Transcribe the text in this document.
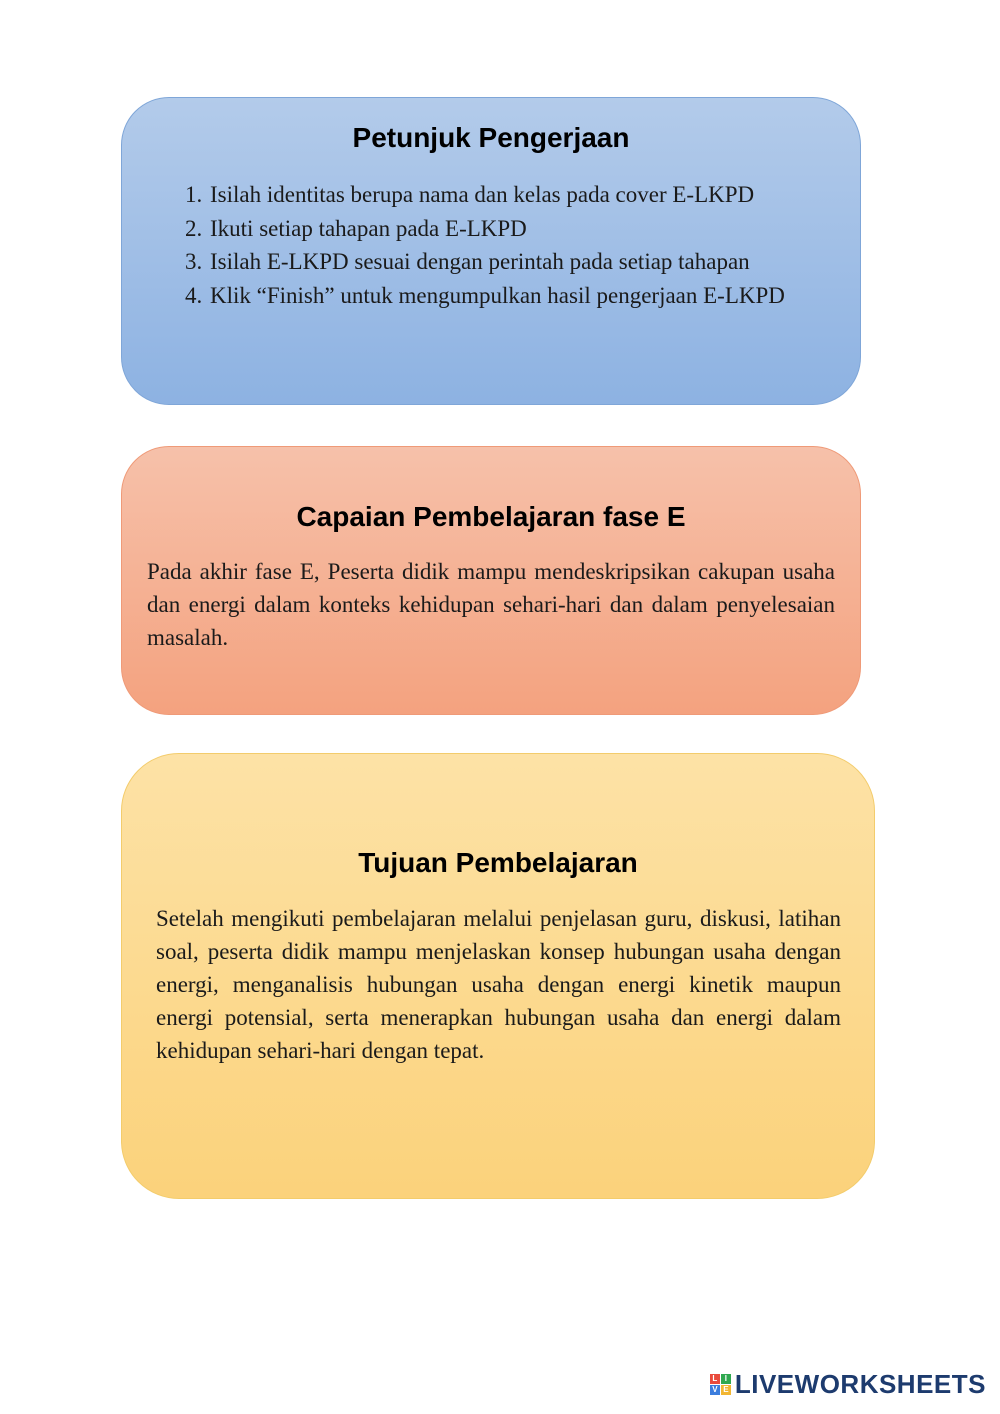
Petunjuk Pengerjaan
1. Isilah identitas berupa nama dan kelas pada cover E-LKPD
2. Ikuti setiap tahapan pada E-LKPD
3. Isilah E-LKPD sesuai dengan perintah pada setiap tahapan
4. Klik “Finish” untuk mengumpulkan hasil pengerjaan E-LKPD
Capaian Pembelajaran fase E

Pada akhir fase E, Peserta didik mampu mendeskripsikan cakupan usaha dan energi dalam konteks kehidupan sehari-hari dan dalam penyelesaian masalah.

Tujuan Pembelajaran

Setelah mengikuti pembelajaran melalui penjelasan guru, diskusi, latihan soal, peserta didik mampu menjelaskan konsep hubungan usaha dengan energi, menganalisis hubungan usaha dengan energi kinetik maupun energi potensial, serta menerapkan hubungan usaha dan energi dalam kehidupan sehari-hari dengan tepat.

L I
V E LIVEWORKSHEETS
